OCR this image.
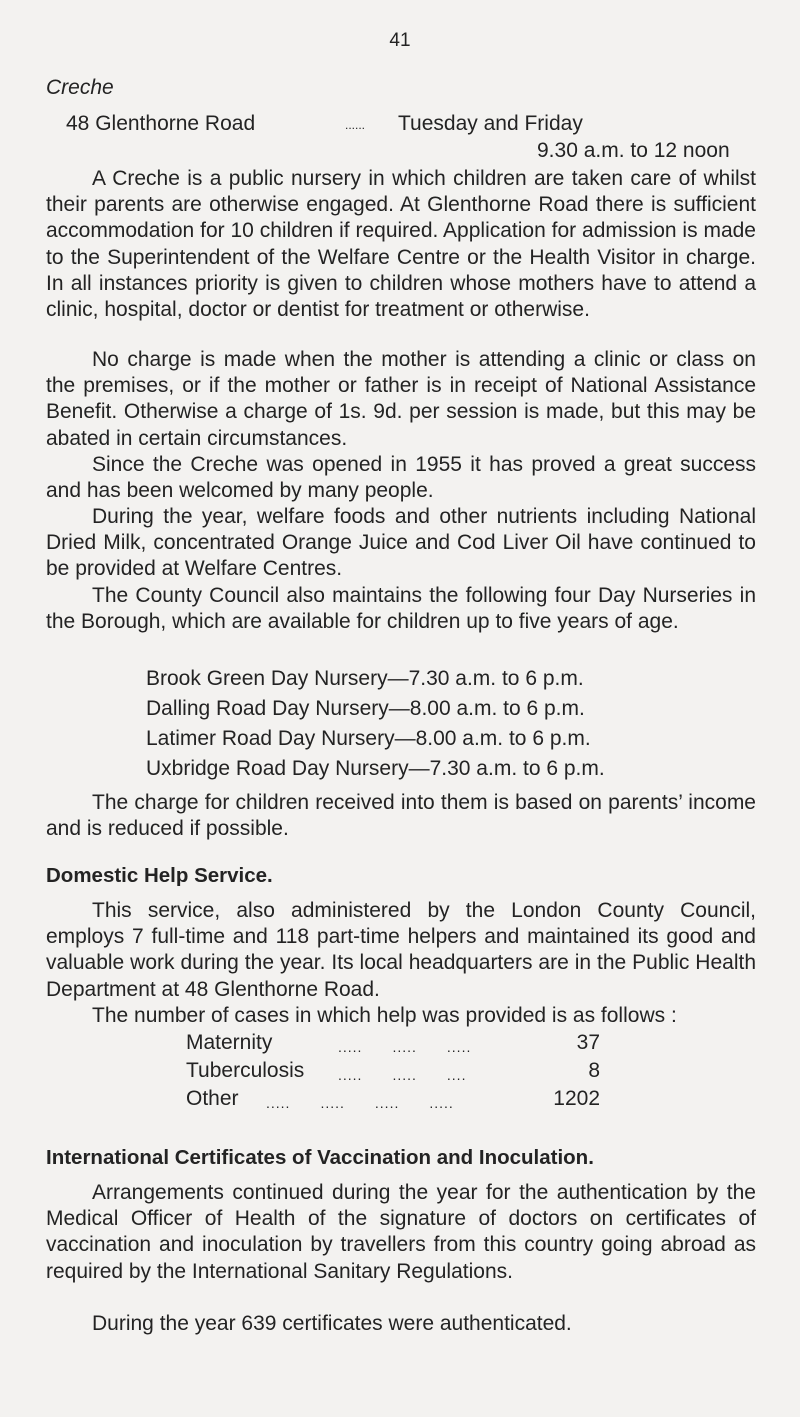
41
Creche
48 Glenthorne Road	...... Tuesday and Friday
9.30 a.m. to 12 noon

A Creche is a public nursery in which children are taken care of whilst their parents are otherwise engaged. At Glenthorne Road there is sufficient accommodation for 10 children if required. Application for admission is made to the Superintendent of the Welfare Centre or the Health Visitor in charge. In all instances priority is given to children whose mothers have to attend a clinic, hospital, doctor or dentist for treatment or otherwise.

No charge is made when the mother is attending a clinic or class on the premises, or if the mother or father is in receipt of National Assistance Benefit. Otherwise a charge of 1s. 9d. per session is made, but this may be abated in certain circumstances.

Since the Creche was opened in 1955 it has proved a great success and has been welcomed by many people.

During the year, welfare foods and other nutrients including National Dried Milk, concentrated Orange Juice and Cod Liver Oil have continued to be provided at Welfare Centres.

The County Council also maintains the following four Day Nurseries in the Borough, which are available for children up to five years of age.

Brook Green Day Nursery—7.30 a.m. to 6 p.m.
Dalling Road Day Nursery—8.00 a.m. to 6 p.m.
Latimer Road Day Nursery—8.00 a.m. to 6 p.m.
Uxbridge Road Day Nursery—7.30 a.m. to 6 p.m.

The charge for children received into them is based on parents’ income and is reduced if possible.

Domestic Help Service.

This service, also administered by the London County Council, employs 7 full-time and 118 part-time helpers and maintained its good and valuable work during the year. Its local headquarters are in the Public Health Department at 48 Glenthorne Road.

The number of cases in which help was provided is as follows :
Maternity	.....  .....  .....	37
Tuberculosis .....  .....  ....	8
Other .....  .....  .....  .....	1202
International Certificates of Vaccination and Inoculation.

Arrangements continued during the year for the authentication by the Medical Officer of Health of the signature of doctors on certificates of vaccination and inoculation by travellers from this country going abroad as required by the International Sanitary Regulations.

During the year 639 certificates were authenticated.
